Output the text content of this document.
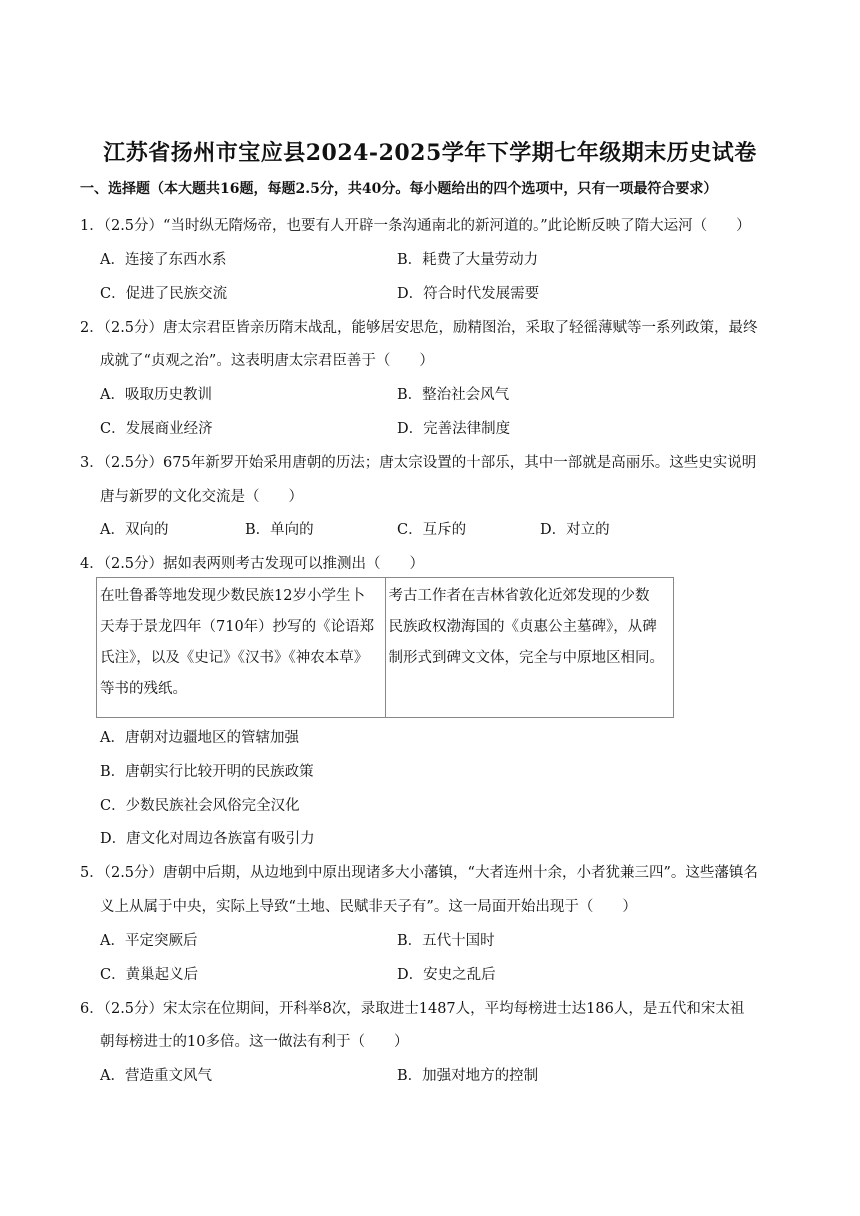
江苏省扬州市宝应县2024-2025学年下学期七年级期末历史试卷
一、选择题（本大题共16题，每题2.5分，共40分。每小题给出的四个选项中，只有一项最符合要求）
1．（2.5分）“当时纵无隋炀帝，也要有人开辟一条沟通南北的新河道的。”此论断反映了隋大运河（　　）
A．连接了东西水系	B．耗费了大量劳动力
C．促进了民族交流	D．符合时代发展需要
2．（2.5分）唐太宗君臣皆亲历隋末战乱，能够居安思危，励精图治，采取了轻徭薄赋等一系列政策，最终
成就了“贞观之治”。这表明唐太宗君臣善于（　　）
A．吸取历史教训	B．整治社会风气
C．发展商业经济	D．完善法律制度
3．（2.5分）675年新罗开始采用唐朝的历法；唐太宗设置的十部乐，其中一部就是高丽乐。这些史实说明
唐与新罗的文化交流是（　　）
A．双向的	B．单向的	C．互斥的	D．对立的
4．（2.5分）据如表两则考古发现可以推测出（　　）
在吐鲁番等地发现少数民族12岁小学生卜
天寿于景龙四年（710年）抄写的《论语郑
氏注》，以及《史记》《汉书》《神农本草》
等书的残纸。

考古工作者在吉林省敦化近郊发现的少数
民族政权渤海国的《贞惠公主墓碑》，从碑
制形式到碑文文体，完全与中原地区相同。
A．唐朝对边疆地区的管辖加强
B．唐朝实行比较开明的民族政策
C．少数民族社会风俗完全汉化
D．唐文化对周边各族富有吸引力
5．（2.5分）唐朝中后期，从边地到中原出现诸多大小藩镇，“大者连州十余，小者犹兼三四”。这些藩镇名
义上从属于中央，实际上导致“土地、民赋非天子有”。这一局面开始出现于（　　）
A．平定突厥后	B．五代十国时
C．黄巢起义后	D．安史之乱后
6．（2.5分）宋太宗在位期间，开科举8次，录取进士1487人，平均每榜进士达186人，是五代和宋太祖
朝每榜进士的10多倍。这一做法有利于（　　）
A．营造重文风气	B．加强对地方的控制
